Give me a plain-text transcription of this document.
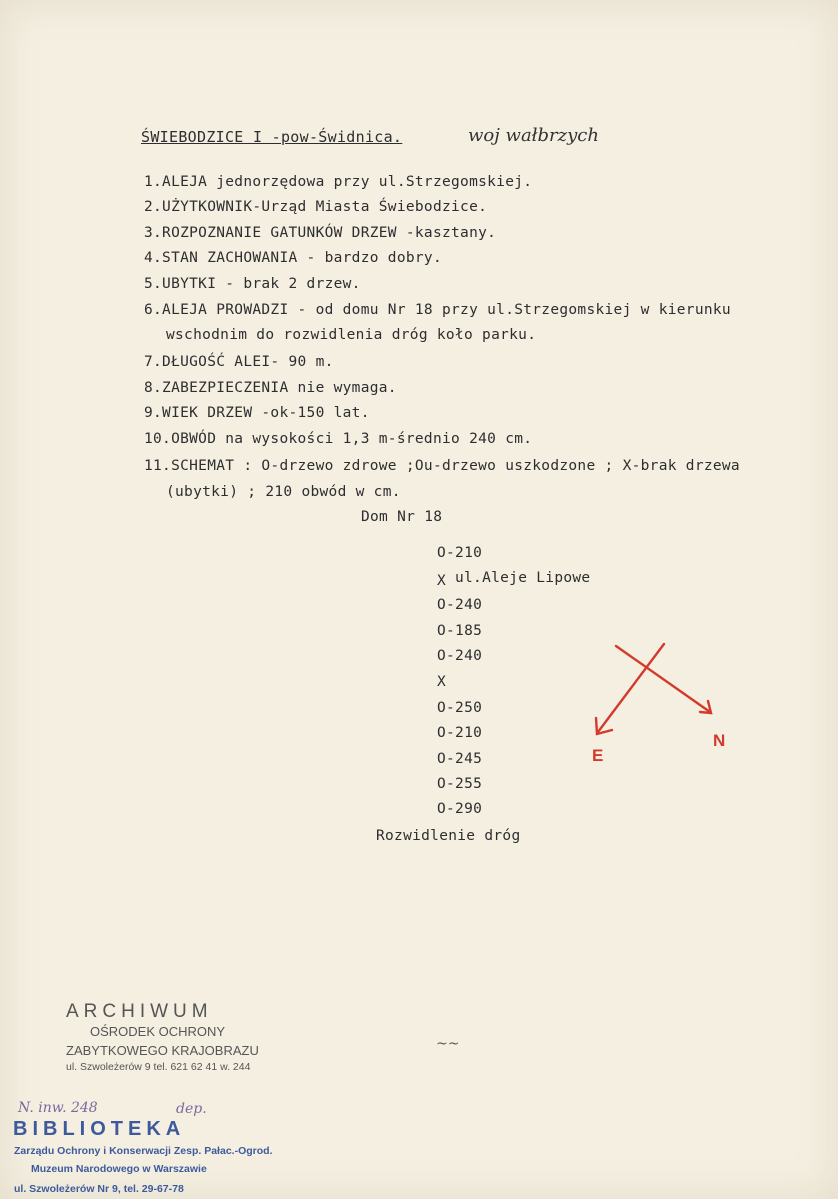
ŚWIEBODZICE I -pow-Świdnica.	woj wałbrzych
1.ALEJA jednorzędowa przy ul.Strzegomskiej.
2.UŻYTKOWNIK-Urząd Miasta Świebodzice.
3.ROZPOZNANIE GATUNKÓW DRZEW -kasztany.
4.STAN ZACHOWANIA - bardzo dobry.
5.UBYTKI - brak 2 drzew.
6.ALEJA PROWADZI - od domu Nr 18 przy ul.Strzegomskiej w kierunku
wschodnim do rozwidlenia dróg koło parku.
7.DŁUGOŚĆ ALEI- 90 m.
8.ZABEZPIECZENIA nie wymaga.
9.WIEK DRZEW -ok-150 lat.
10.OBWÓD na wysokości 1,3 m-średnio 240 cm.
11.SCHEMAT : O-drzewo zdrowe ;Ou-drzewo uszkodzone ; X-brak drzewa
(ubytki) ; 210 obwód w cm.
Dom Nr 18
O-210
X ul.Aleje Lipowe
O-240
O-185
O-240
X
O-250
O-210
O-245
O-255
O-290
Rozwidlenie dróg
E
N
~~
ARCHIWUM
OŚRODEK OCHRONY
ZABYTKOWEGO KRAJOBRAZU
ul. Szwoleżerów 9 tel. 621 62 41 w. 244
N. inw. 248	dep.
BIBLIOTEKA
Zarządu Ochrony i Konserwacji Zesp. Pałac.-Ogrod.
Muzeum Narodowego w Warszawie
ul. Szwoleżerów Nr 9, tel. 29-67-78
